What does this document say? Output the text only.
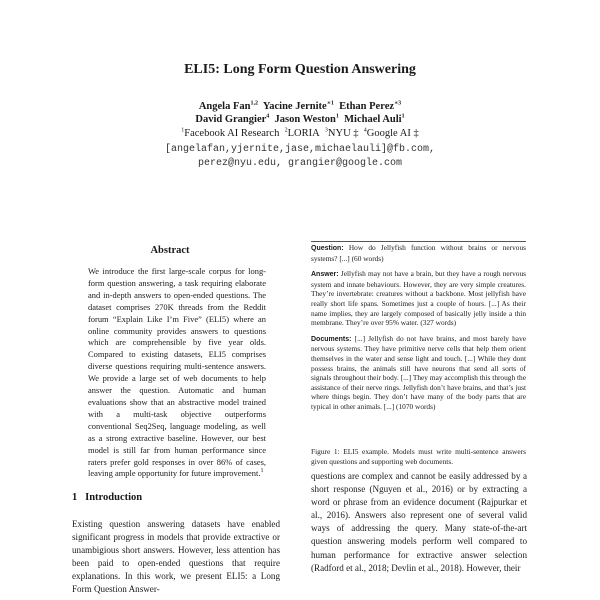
ELI5: Long Form Question Answering
Angela Fan$^{1,2}$ Yacine Jernite$^{∗1}$ Ethan Perez$^{∗3}$
David Grangier$^4$ Jason Weston$^1$ Michael Auli$^1$
$^1$Facebook AI Research $^2$LORIA $^3$NYU ‡ $^4$Google AI ‡
[angelafan,yjernite,jase,michaelauli]@fb.com,
perez@nyu.edu, grangier@google.com
Abstract
We introduce the first large-scale corpus for long-form question answering, a task requiring elaborate and in-depth answers to open-ended questions. The dataset comprises 270K threads from the Reddit forum “Explain Like I’m Five” (ELI5) where an online community provides answers to questions which are comprehensible by five year olds. Compared to existing datasets, ELI5 comprises diverse questions requiring multi-sentence answers. We provide a large set of web documents to help answer the question. Automatic and human evaluations show that an abstractive model trained with a multi-task objective outperforms conventional Seq2Seq, language modeling, as well as a strong extractive baseline. However, our best model is still far from human performance since raters prefer gold responses in over 86% of cases, leaving ample opportunity for future improvement.$^1$
1 Introduction
Existing question answering datasets have enabled significant progress in models that provide extractive or unambigious short answers. However, less attention has been paid to open-ended questions that require explanations. In this work, we present ELI5: a Long Form Question Answer-

Question: How do Jellyfish function without brains or nervous systems? [...] (60 words)

Answer: Jellyfish may not have a brain, but they have a rough nervous system and innate behaviours. However, they are very simple creatures. They’re invertebrate: creatures without a backbone. Most jellyfish have really short life spans. Sometimes just a couple of hours. [...] As their name implies, they are largely composed of basically jelly inside a thin membrane. They’re over 95% water. (327 words)

Documents: [...] Jellyfish do not have brains, and most barely have nervous systems. They have primitive nerve cells that help them orient themselves in the water and sense light and touch. [...] While they dont possess brains, the animals still have neurons that send all sorts of signals throughout their body. [...] They may accomplish this through the assistance of their nerve rings. Jellyfish don’t have brains, and that’s just where things begin. They don’t have many of the body parts that are typical in other animals. [...] (1070 words)

Figure 1: ELI5 example. Models must write multi-sentence answers given questions and supporting web documents.
questions are complex and cannot be easily addressed by a short response (Nguyen et al., 2016) or by extracting a word or phrase from an evidence document (Rajpurkar et al., 2016). Answers also represent one of several valid ways of addressing the query. Many state-of-the-art question answering models perform well compared to human performance for extractive answer selection (Radford et al., 2018; Devlin et al., 2018). However, their
